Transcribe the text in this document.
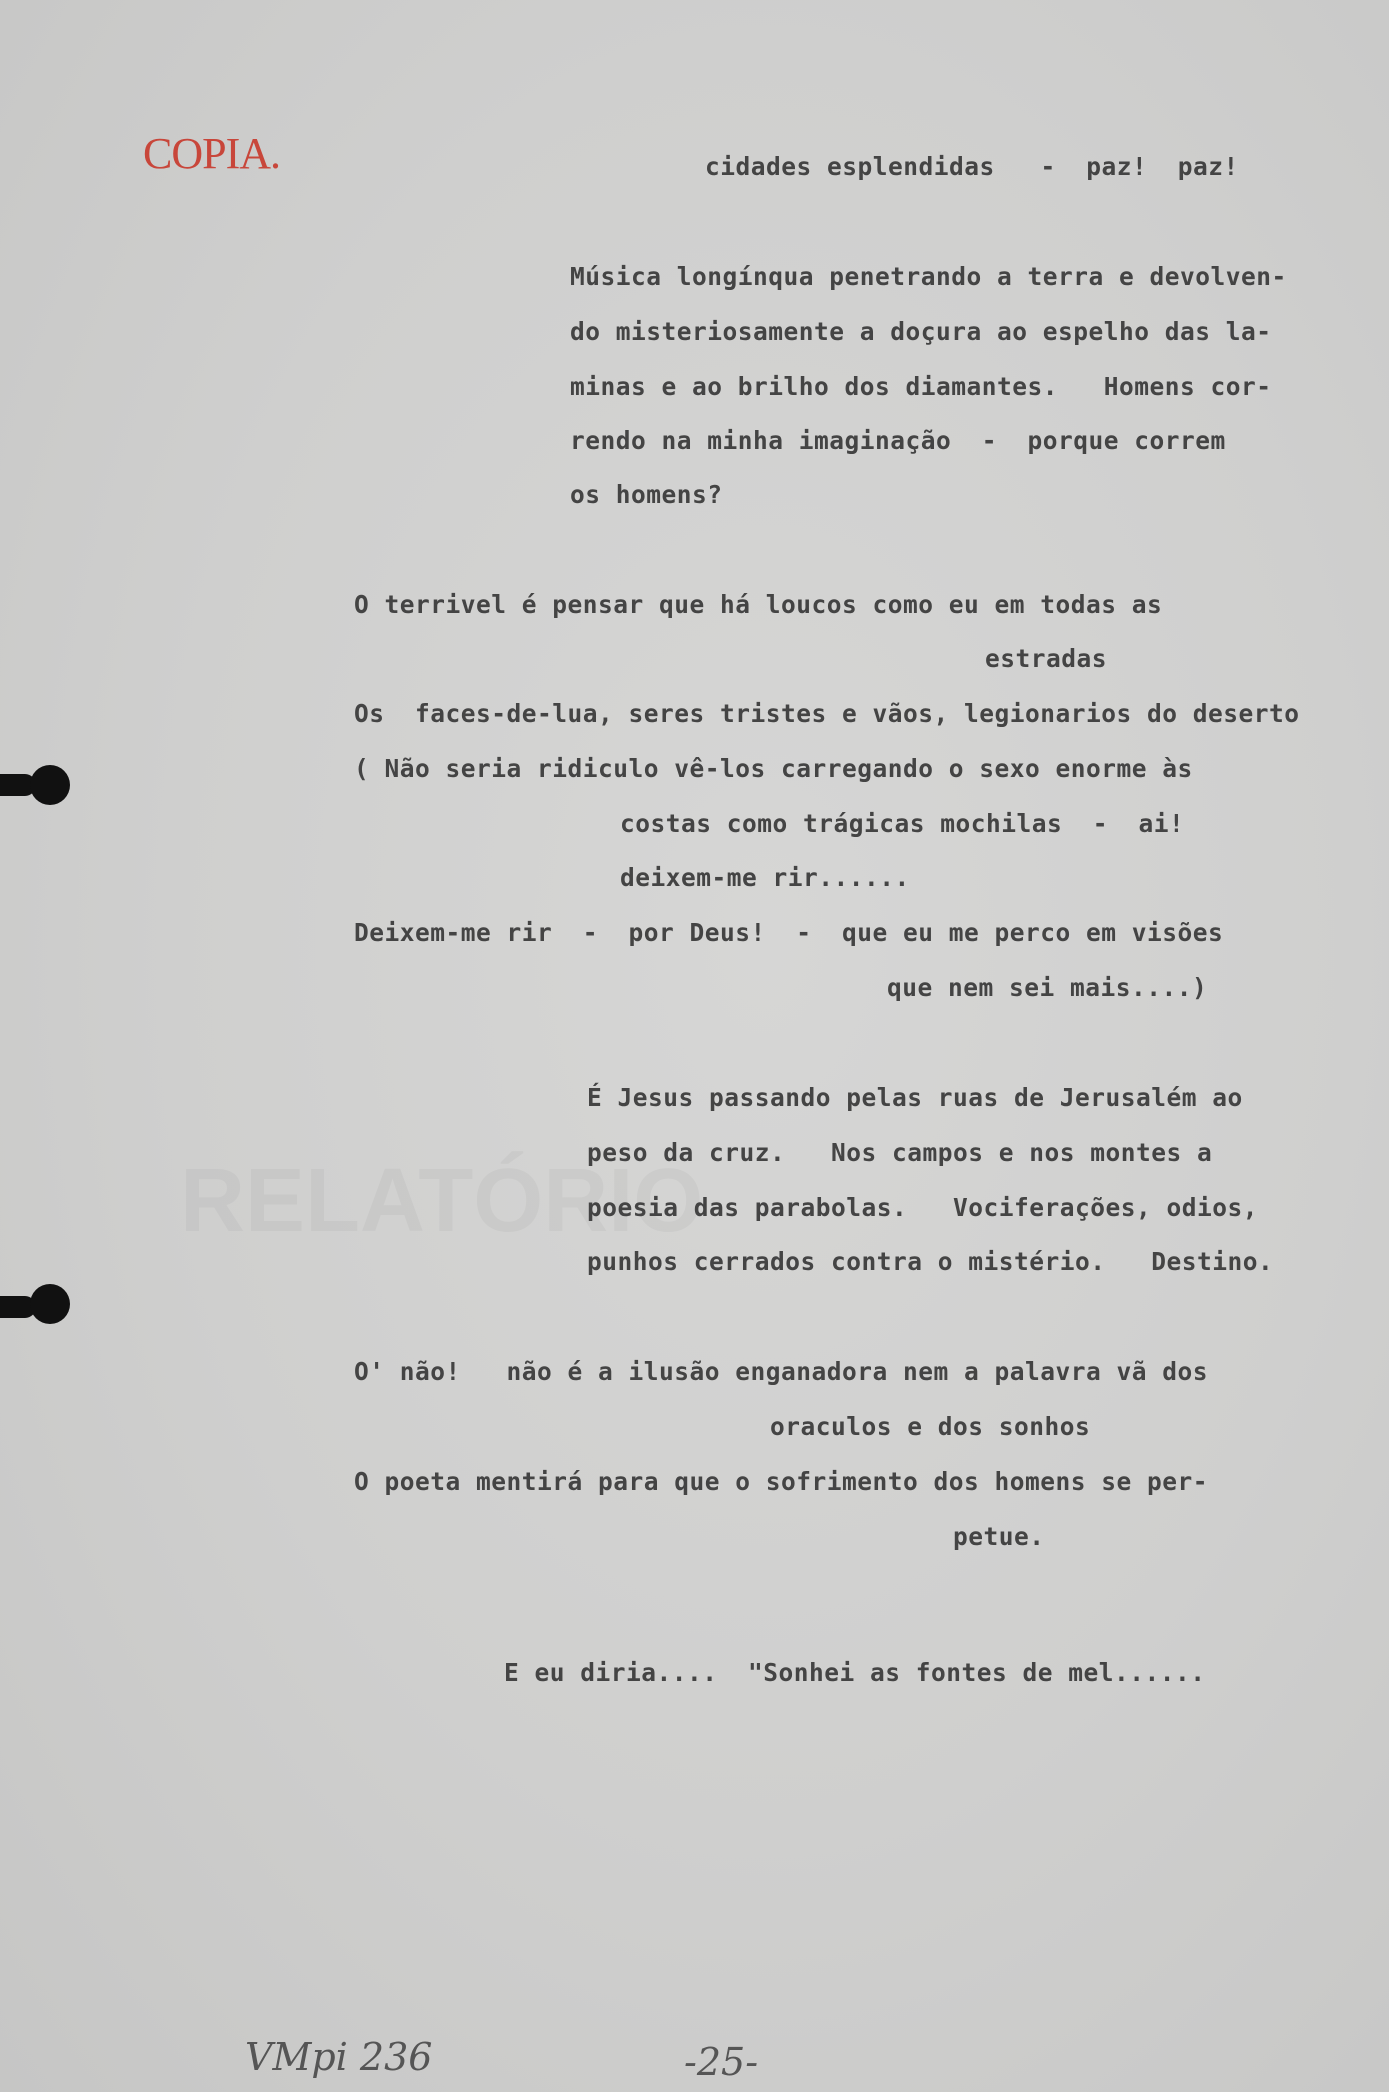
RELATÓRIO
COPIA.	cidades esplendidas   -  paz!  paz!
Música longínqua penetrando a terra e devolven-
do misteriosamente a doçura ao espelho das la-
minas e ao brilho dos diamantes.   Homens cor-
rendo na minha imaginação  -  porque correm
os homens?
O terrivel é pensar que há loucos como eu em todas as
estradas
Os  faces-de-lua, seres tristes e vãos, legionarios do deserto
( Não seria ridiculo vê-los carregando o sexo enorme às
costas como trágicas mochilas  -  ai!
deixem-me rir......
Deixem-me rir  -  por Deus!  -  que eu me perco em visões
que nem sei mais....)
É Jesus passando pelas ruas de Jerusalém ao
peso da cruz.   Nos campos e nos montes a
poesia das parabolas.   Vociferações, odios,
punhos cerrados contra o mistério.   Destino.
O' não!   não é a ilusão enganadora nem a palavra vã dos
oraculos e dos sonhos
O poeta mentirá para que o sofrimento dos homens se per-
petue.
E eu diria....  "Sonhei as fontes de mel......
VMpi 236	-25-
